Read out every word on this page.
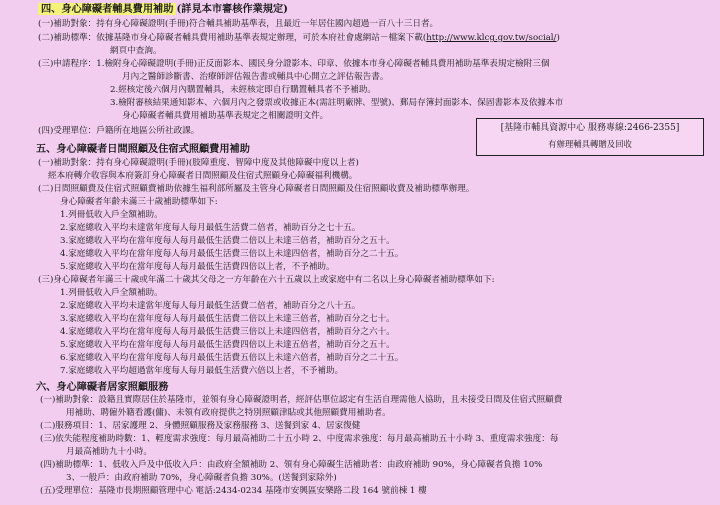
四、身心障礙者輔具費用補助 (詳見本市審核作業規定)
(一)補助對象：持有身心障礙證明(手冊)符合輔具補助基準表，且最近一年居住國內超過一百八十三日者。
(二)補助標準：依據基隆市身心障礙者輔具費用補助基準表規定辦理，可於本府社會處網站－檔案下載(http://www.klcg.gov.tw/social/)
網頁中查詢。
(三)申請程序：1.檢附身心障礙證明(手冊)正反面影本、國民身分證影本、印章、依據本市身心障礙者輔具費用補助基準表規定檢附三個
月內之醫師診斷書、治療師評估報告書或輔具中心開立之評估報告書。
2.經核定後六個月內購置輔具，未經核定即自行購置輔具者不予補助。
3.檢附審核結果通知影本、六個月內之發票或收據正本(需註明廠牌、型號)、郵局存簿封面影本、保固書影本及依據本市
身心障礙者輔具費用補助基準表規定之相關證明文件。
(四)受理單位：戶籍所在地區公所社政課。	[基隆市輔具資源中心 服務專線:2466-2355]
有辦理輔具轉贈及回收
五、身心障礙者日間照顧及住宿式照顧費用補助
(一)補助對象：持有身心障礙證明(手冊)(肢障重度、智障中度及其他障礙中度以上者)
經本府轉介收容與本府簽訂身心障礙者日間照顧及住宿式照顧身心障礙福利機構。
(二)日間照顧費及住宿式照顧費補助依據生福利部所屬及主管身心障礙者日間照顧及住宿照顧收費及補助標準辦理。
身心障礙者年齡未滿三十歲補助標準如下:
1.列冊低收入戶全額補助。
2.家庭總收入平均未達當年度每人每月最低生活費二倍者，補助百分之七十五。
3.家庭總收入平均在當年度每人每月最低生活費二倍以上未達三倍者，補助百分之五十。
4.家庭總收入平均在當年度每人每月最低生活費三倍以上未達四倍者，補助百分之二十五。
5.家庭總收入平均在當年度每人每月最低生活費四倍以上者，不予補助。
(三)身心障礙者年滿三十歲或年滿二十歲其父母之一方年齡在六十五歲以上或家庭中有二名以上身心障礙者補助標準如下:
1.列冊低收入戶全額補助。
2.家庭總收入平均未達當年度每人每月最低生活費二倍者，補助百分之八十五。
3.家庭總收入平均在當年度每人每月最低生活費二倍以上未達三倍者，補助百分之七十。
4.家庭總收入平均在當年度每人每月最低生活費三倍以上未達四倍者，補助百分之六十。
5.家庭總收入平均在當年度每人每月最低生活費四倍以上未達五倍者，補助百分之五十。
6.家庭總收入平均在當年度每人每月最低生活費五倍以上未達六倍者，補助百分之二十五。
7.家庭總收入平均超過當年度每人每月最低生活費六倍以上者，不予補助。
六、身心障礙者居家照顧服務
(一)補助對象：設籍且實際居住於基隆市，並領有身心障礙證明者，經評估單位認定有生活自理需他人協助，且未接受日間及住宿式照顧費
用補助、聘僱外籍看護(傭)、未領有政府提供之特別照顧津貼或其他照顧費用補助者。
(二)服務項目：1、居家護理 2、身體照顧服務及家務服務 3、送餐到家 4、居家復健
(三)依失能程度補助時數：1、輕度需求強度：每月最高補助二十五小時 2、中度需求強度：每月最高補助五十小時 3、重度需求強度：每
月最高補助九十小時。
(四)補助標準：1、低收入戶及中低收入戶：由政府全額補助 2、領有身心障礙生活補助者：由政府補助 90%，身心障礙者負擔 10%
3、一般戶：由政府補助 70%，身心障礙者負擔 30%。(送餐到家除外)
(五)受理單位：基隆市長期照顧管理中心 電話:2434-0234 基隆市安興區安樂路二段 164 號前棟 1 樓
